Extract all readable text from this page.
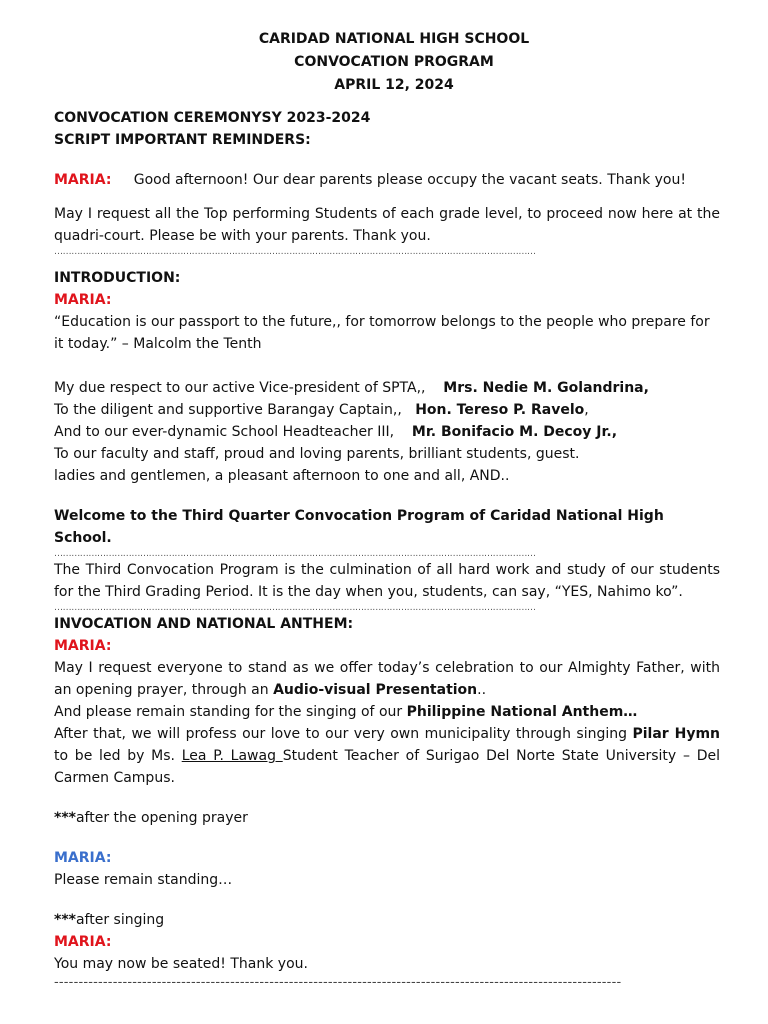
CARIDAD NATIONAL HIGH SCHOOL
CONVOCATION PROGRAM
APRIL 12, 2024
CONVOCATION CEREMONYSY 2023-2024
SCRIPT IMPORTANT REMINDERS:
MARIA: Good afternoon! Our dear parents please occupy the vacant seats. Thank you!
May I request all the Top performing Students of each grade level, to proceed now here at the quadri-court. Please be with your parents. Thank you.
……………………………………………………………………………………………………………………………………………………
INTRODUCTION:
MARIA:
“Education is our passport to the future,, for tomorrow belongs to the people who prepare for it today.” – Malcolm the Tenth
My due respect to our active Vice-president of SPTA,, Mrs. Nedie M. Golandrina,
To the diligent and supportive Barangay Captain,, Hon. Tereso P. Ravelo,
And to our ever-dynamic School Headteacher III, Mr. Bonifacio M. Decoy Jr.,
To our faculty and staff, proud and loving parents, brilliant students, guest.
ladies and gentlemen, a pleasant afternoon to one and all, AND..
Welcome to the Third Quarter Convocation Program of Caridad National High School.
……………………………………………………………………………………………………………………………………………………
The Third Convocation Program is the culmination of all hard work and study of our students for the Third Grading Period. It is the day when you, students, can say, “YES, Nahimo ko”.
……………………………………………………………………………………………………………………………………………………
INVOCATION AND NATIONAL ANTHEM:
MARIA:
May I request everyone to stand as we offer today’s celebration to our Almighty Father, with an opening prayer, through an Audio-visual Presentation..
And please remain standing for the singing of our Philippine National Anthem…
After that, we will profess our love to our very own municipality through singing Pilar Hymn to be led by Ms. Lea P. Lawag Student Teacher of Surigao Del Norte State University – Del Carmen Campus.
***after the opening prayer
MARIA:
Please remain standing…
***after singing
MARIA:
You may now be seated! Thank you.
--------------------------------------------------------------------------------------------------------------------
